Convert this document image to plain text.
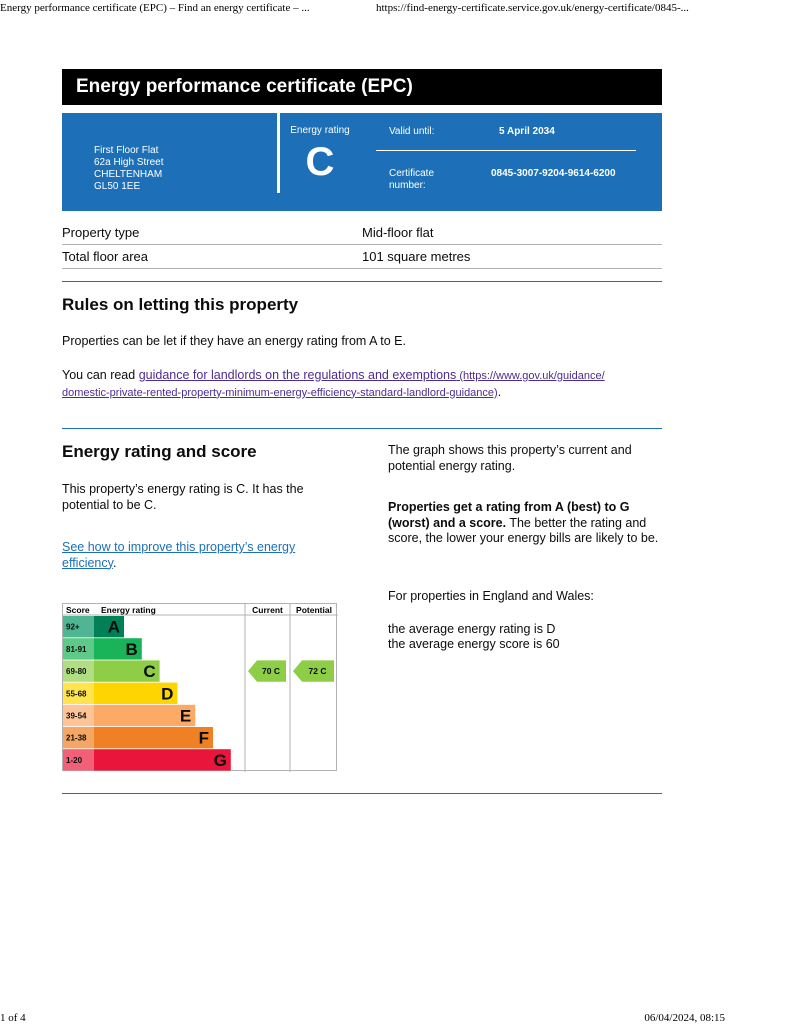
Energy performance certificate (EPC) – Find an energy certificate – ...	https://find-energy-certificate.service.gov.uk/energy-certificate/0845-...
Energy performance certificate (EPC)
First Floor Flat
62a High Street
CHELTENHAM
GL50 1EE
Energy rating
C
Valid until:	5 April 2034
Certificate number:
0845-3007-9204-9614-6200
Property type	Mid-floor flat
Total floor area	101 square metres
Rules on letting this property
Properties can be let if they have an energy rating from A to E.
You can read guidance for landlords on the regulations and exemptions (https://www.gov.uk/guidance/
domestic-private-rented-property-minimum-energy-efficiency-standard-landlord-guidance).
Energy rating and score
This property’s energy rating is C. It has the potential to be C.
See how to improve this property’s energy
efficiency.
The graph shows this property’s current and potential energy rating.
Properties get a rating from A (best) to G (worst) and a score. The better the rating and score, the lower your energy bills are likely to be.
For properties in England and Wales:
the average energy rating is D
the average energy score is 60
Score Energy rating	Current Potential
92+ A
81-91 B
69-80	C
55-68	D
39-54	E
21-38	F
1-20	G
70 C	72 C
1 of 4	06/04/2024, 08:15
